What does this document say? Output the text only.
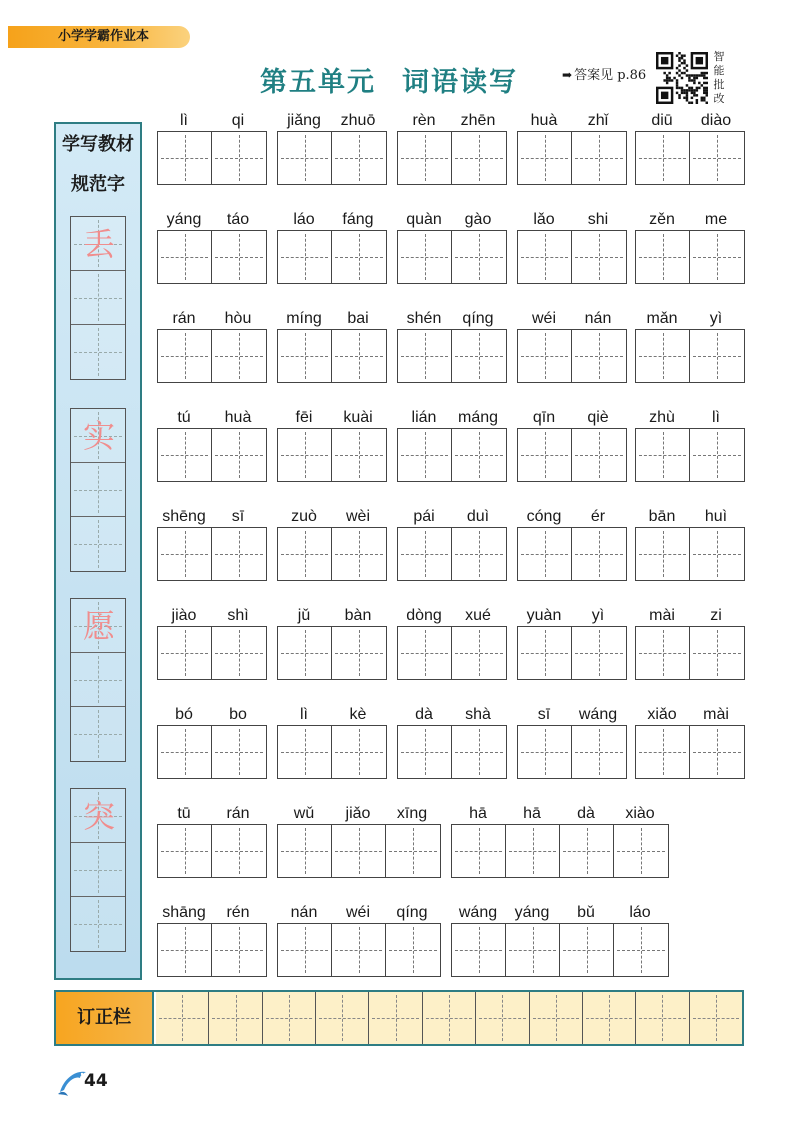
小学学霸作业本
第五单元 词语读写	➡ 答案见 p.86
智
能
批
改
学写教材
规范字
丢
实
愿
突
lì	qi	jiǎng	zhuō	rèn	zhēn	huà	zhǐ	diū	diào
yáng	táo	láo	fáng	quàn	gào	lǎo	shi	zěn	me
rán	hòu	míng	bai	shén	qíng	wéi	nán	mǎn	yì
tú	huà	fēi	kuài	lián	máng	qīn	qiè	zhù	lì
shēng	sī	zuò	wèi	pái	duì	cóng	ér	bān	huì
jiào	shì	jǔ	bàn	dòng	xué	yuàn	yì	mài	zi
bó	bo	lì	kè	dà	shà	sī	wáng	xiǎo	mài
tū	rán	wǔ	jiǎo	xīng	hā	hā	dà	xiào
shāng	rén	nán	wéi	qíng	wáng	yáng	bǔ	láo
订正栏
44
